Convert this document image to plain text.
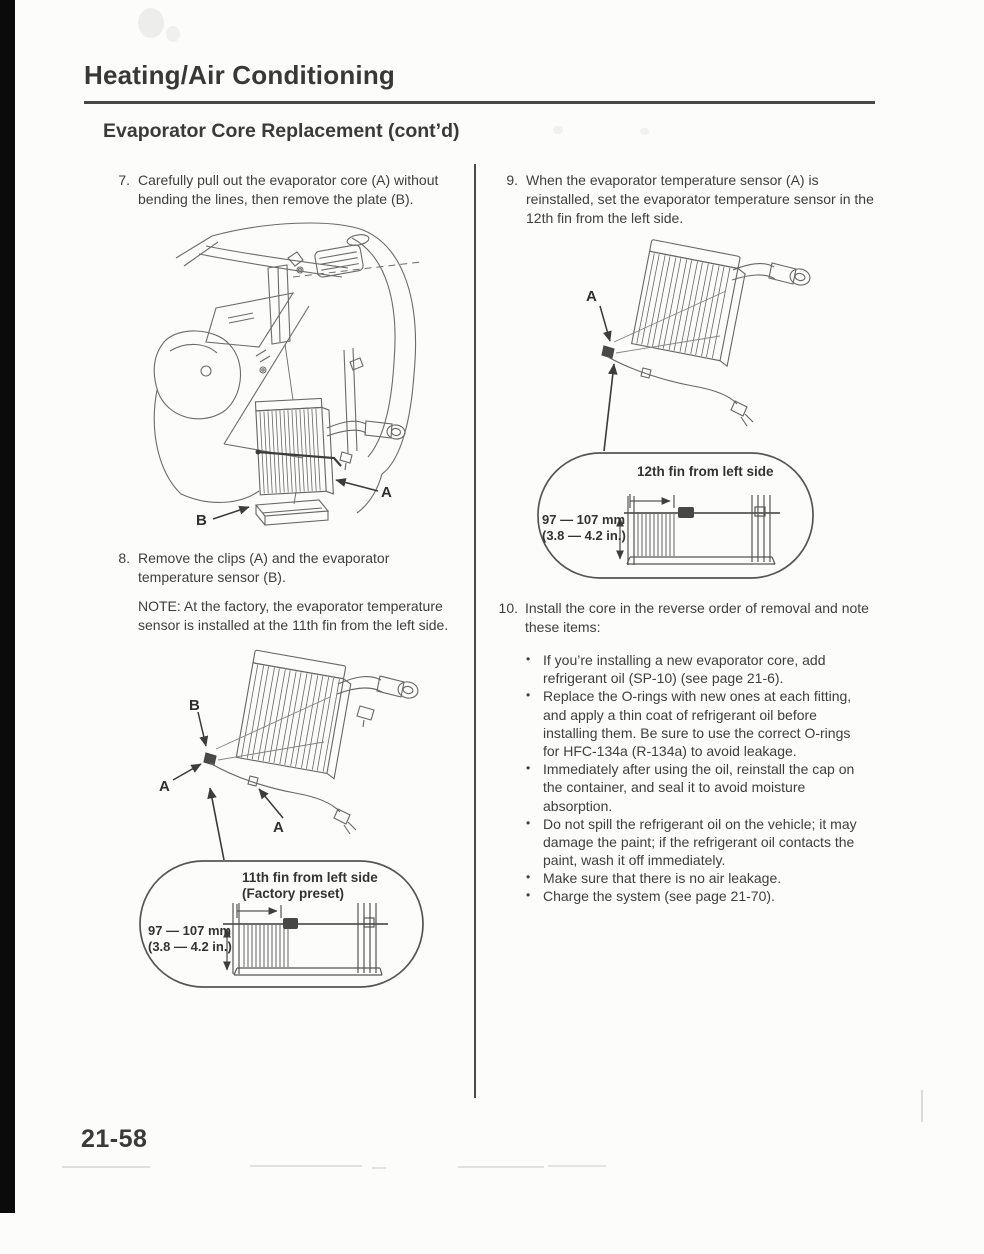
Heating/Air Conditioning
Evaporator Core Replacement (cont’d)
7. Carefully pull out the evaporator core (A) without bending the lines, then remove the plate (B).
8. Remove the clips (A) and the evaporator temperature sensor (B).
NOTE: At the factory, the evaporator temperature sensor is installed at the 11th fin from the left side.
9. When the evaporator temperature sensor (A) is reinstalled, set the evaporator temperature sensor in the 12th fin from the left side.
10. Install the core in the reverse order of removal and note these items:
• If you’re installing a new evaporator core, add refrigerant oil (SP-10) (see page 21-6).
• Replace the O-rings with new ones at each fitting, and apply a thin coat of refrigerant oil before installing them. Be sure to use the correct O-rings for HFC-134a (R-134a) to avoid leakage.
• Immediately after using the oil, reinstall the cap on the container, and seal it to avoid moisture absorption.
• Do not spill the refrigerant oil on the vehicle; it may damage the paint; if the refrigerant oil contacts the paint, wash it off immediately.
• Make sure that there is no air leakage.
• Charge the system (see page 21-70).
A
B
B
A
A
A
11th fin from left side
(Factory preset)
97 — 107 mm
(3.8 — 4.2 in.)
12th fin from left side
97 — 107 mm
(3.8 — 4.2 in.)
21-58
